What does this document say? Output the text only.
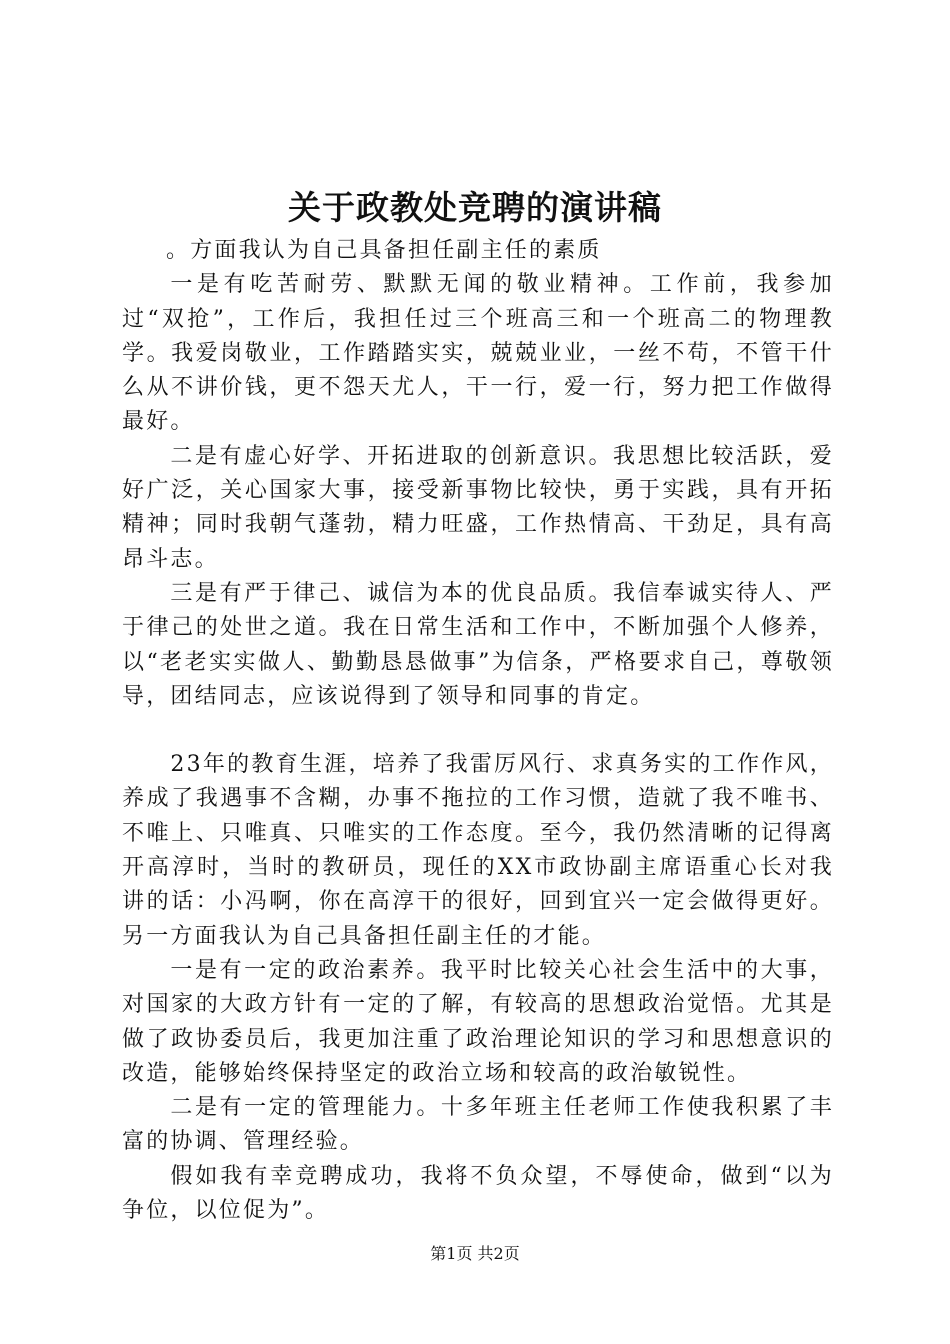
关于政教处竞聘的演讲稿

。方面我认为自己具备担任副主任的素质

一是有吃苦耐劳、默默无闻的敬业精神。工作前，我参加过“双抢”，工作后，我担任过三个班高三和一个班高二的物理教学。我爱岗敬业，工作踏踏实实，兢兢业业，一丝不苟，不管干什么从不讲价钱，更不怨天尤人，干一行，爱一行，努力把工作做得最好。

二是有虚心好学、开拓进取的创新意识。我思想比较活跃，爱好广泛，关心国家大事，接受新事物比较快，勇于实践，具有开拓精神；同时我朝气蓬勃，精力旺盛，工作热情高、干劲足，具有高昂斗志。

三是有严于律己、诚信为本的优良品质。我信奉诚实待人、严于律己的处世之道。我在日常生活和工作中，不断加强个人修养，以“老老实实做人、勤勤恳恳做事”为信条，严格要求自己，尊敬领导，团结同志，应该说得到了领导和同事的肯定。

23年的教育生涯，培养了我雷厉风行、求真务实的工作作风，养成了我遇事不含糊，办事不拖拉的工作习惯，造就了我不唯书、不唯上、只唯真、只唯实的工作态度。至今，我仍然清晰的记得离开高淳时，当时的教研员，现任的XX市政协副主席语重心长对我讲的话：小冯啊，你在高淳干的很好，回到宜兴一定会做得更好。另一方面我认为自己具备担任副主任的才能。

一是有一定的政治素养。我平时比较关心社会生活中的大事，对国家的大政方针有一定的了解，有较高的思想政治觉悟。尤其是做了政协委员后，我更加注重了政治理论知识的学习和思想意识的改造，能够始终保持坚定的政治立场和较高的政治敏锐性。

二是有一定的管理能力。十多年班主任老师工作使我积累了丰富的协调、管理经验。

假如我有幸竞聘成功，我将不负众望，不辱使命，做到“以为争位，以位促为”。

第1页 共2页
